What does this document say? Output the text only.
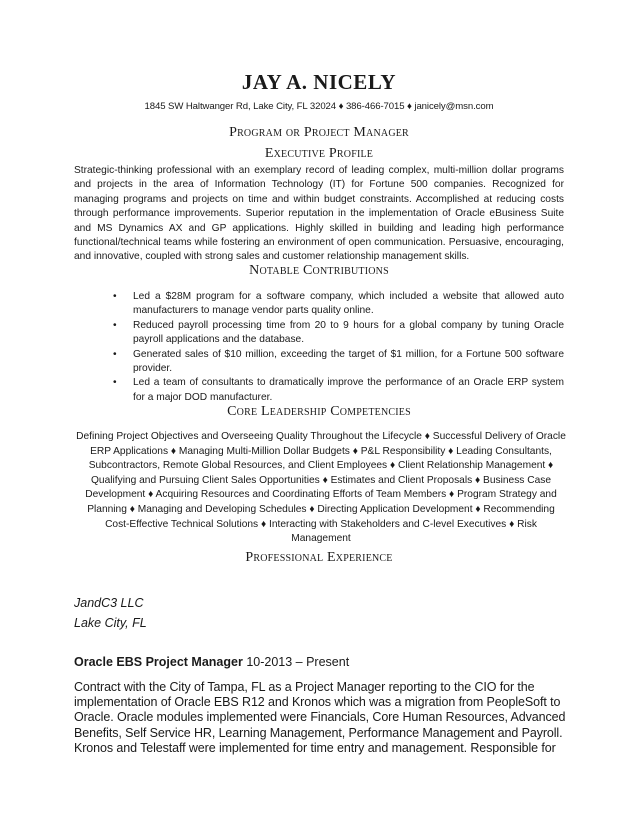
JAY A. NICELY
1845 SW Haltwanger Rd, Lake City, FL 32024 ♦ 386-466-7015 ♦ janicely@msn.com
Program or Project Manager
Executive Profile
Strategic-thinking professional with an exemplary record of leading complex, multi-million dollar programs and projects in the area of Information Technology (IT) for Fortune 500 companies. Recognized for managing programs and projects on time and within budget constraints. Accomplished at reducing costs through performance improvements. Superior reputation in the implementation of Oracle eBusiness Suite and MS Dynamics AX and GP applications. Highly skilled in building and leading high performance functional/technical teams while fostering an environment of open communication. Persuasive, encouraging, and innovative, coupled with strong sales and customer relationship management skills.
Notable Contributions
• Led a $28M program for a software company, which included a website that allowed auto manufacturers to manage vendor parts quality online.
• Reduced payroll processing time from 20 to 9 hours for a global company by tuning Oracle payroll applications and the database.
• Generated sales of $10 million, exceeding the target of $1 million, for a Fortune 500 software provider.
• Led a team of consultants to dramatically improve the performance of an Oracle ERP system for a major DOD manufacturer.
Core Leadership Competencies
Defining Project Objectives and Overseeing Quality Throughout the Lifecycle ♦ Successful Delivery of Oracle ERP Applications ♦ Managing Multi-Million Dollar Budgets ♦ P&L Responsibility ♦ Leading Consultants, Subcontractors, Remote Global Resources, and Client Employees ♦ Client Relationship Management ♦ Qualifying and Pursuing Client Sales Opportunities ♦ Estimates and Client Proposals ♦ Business Case Development ♦ Acquiring Resources and Coordinating Efforts of Team Members ♦ Program Strategy and Planning ♦ Managing and Developing Schedules ♦ Directing Application Development ♦ Recommending Cost-Effective Technical Solutions ♦ Interacting with Stakeholders and C-level Executives ♦ Risk Management
Professional Experience
JandC3 LLC
Lake City, FL
Oracle EBS Project Manager 10-2013 – Present
Contract with the City of Tampa, FL as a Project Manager reporting to the CIO for the implementation of Oracle EBS R12 and Kronos which was a migration from PeopleSoft to Oracle. Oracle modules implemented were Financials, Core Human Resources, Advanced Benefits, Self Service HR, Learning Management, Performance Management and Payroll. Kronos and Telestaff were implemented for time entry and management. Responsible for
